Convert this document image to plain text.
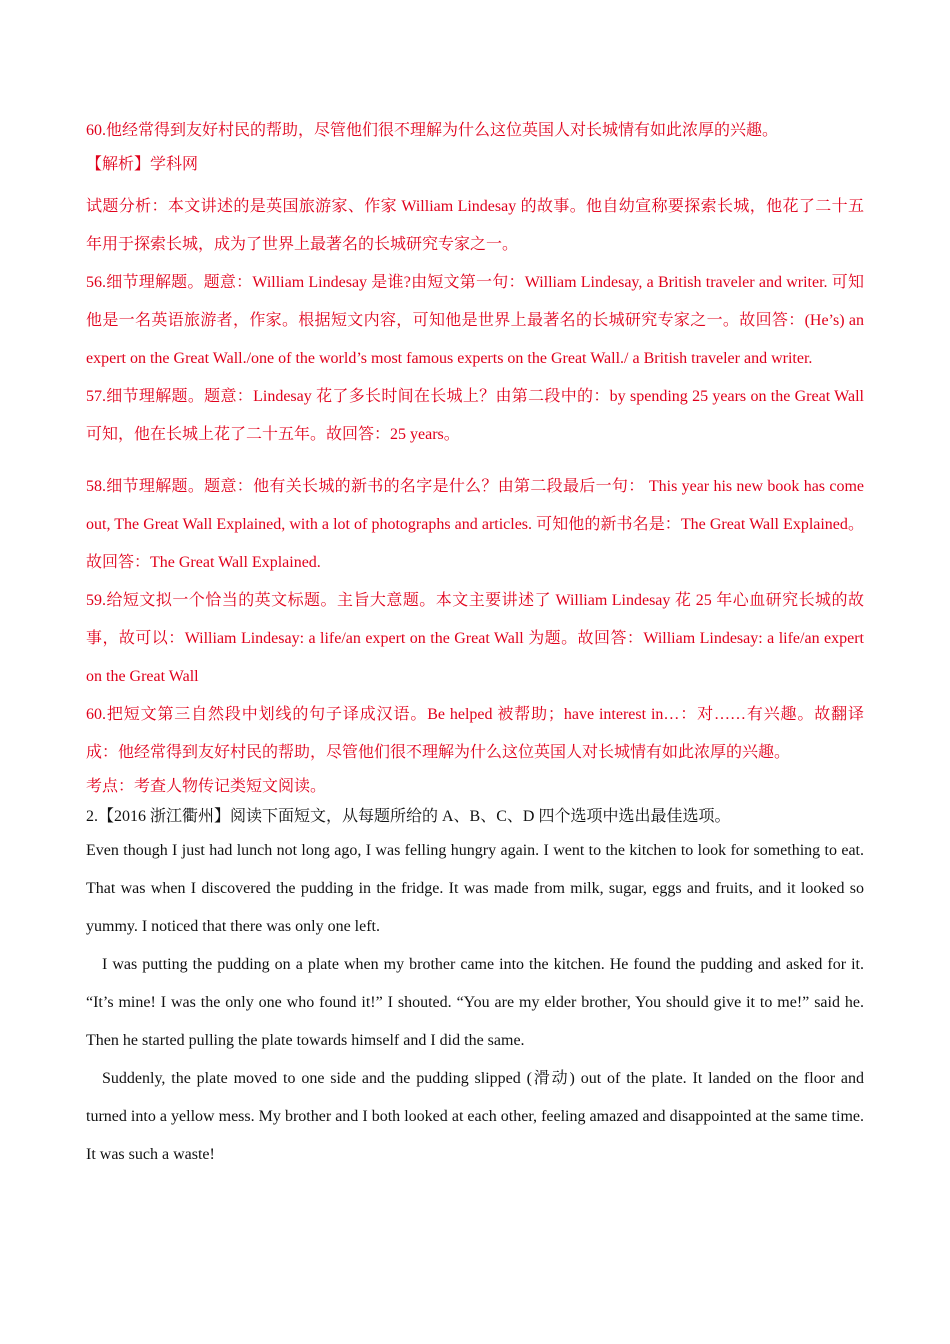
60.他经常得到友好村民的帮助，尽管他们很不理解为什么这位英国人对长城情有如此浓厚的兴趣。

【解析】学科网

试题分析：本文讲述的是英国旅游家、作家 William Lindesay 的故事。他自幼宣称要探索长城，他花了二十五年用于探索长城，成为了世界上最著名的长城研究专家之一。

56.细节理解题。题意：William Lindesay 是谁?由短文第一句：William Lindesay, a British traveler and writer. 可知他是一名英语旅游者，作家。根据短文内容，可知他是世界上最著名的长城研究专家之一。故回答：(He’s) an expert on the Great Wall./one of the world’s most famous experts on the Great Wall./ a British traveler and writer.

57.细节理解题。题意：Lindesay 花了多长时间在长城上？由第二段中的：by spending 25 years on the Great Wall 可知，他在长城上花了二十五年。故回答：25 years。

58.细节理解题。题意：他有关长城的新书的名字是什么？由第二段最后一句： This year his new book has come out, The Great Wall Explained, with a lot of photographs and articles. 可知他的新书名是：The Great Wall Explained。故回答：The Great Wall Explained.

59.给短文拟一个恰当的英文标题。主旨大意题。本文主要讲述了 William Lindesay 花 25 年心血研究长城的故事，故可以：William Lindesay: a life/an expert on the Great Wall 为题。故回答：William Lindesay: a life/an expert on the Great Wall

60.把短文第三自然段中划线的句子译成汉语。Be helped 被帮助；have interest in…：对……有兴趣。故翻译成：他经常得到友好村民的帮助，尽管他们很不理解为什么这位英国人对长城情有如此浓厚的兴趣。

考点：考查人物传记类短文阅读。

2.【2016 浙江衢州】阅读下面短文，从每题所给的 A、B、C、D 四个选项中选出最佳选项。

Even though I just had lunch not long ago, I was felling hungry again. I went to the kitchen to look for something to eat. That was when I discovered the pudding in the fridge. It was made from milk, sugar, eggs and fruits, and it looked so yummy. I noticed that there was only one left.

I was putting the pudding on a plate when my brother came into the kitchen. He found the pudding and asked for it. “It’s mine! I was the only one who found it!” I shouted. “You are my elder brother, You should give it to me!” said he. Then he started pulling the plate towards himself and I did the same.

Suddenly, the plate moved to one side and the pudding slipped (滑动) out of the plate. It landed on the floor and turned into a yellow mess. My brother and I both looked at each other, feeling amazed and disappointed at the same time. It was such a waste!
